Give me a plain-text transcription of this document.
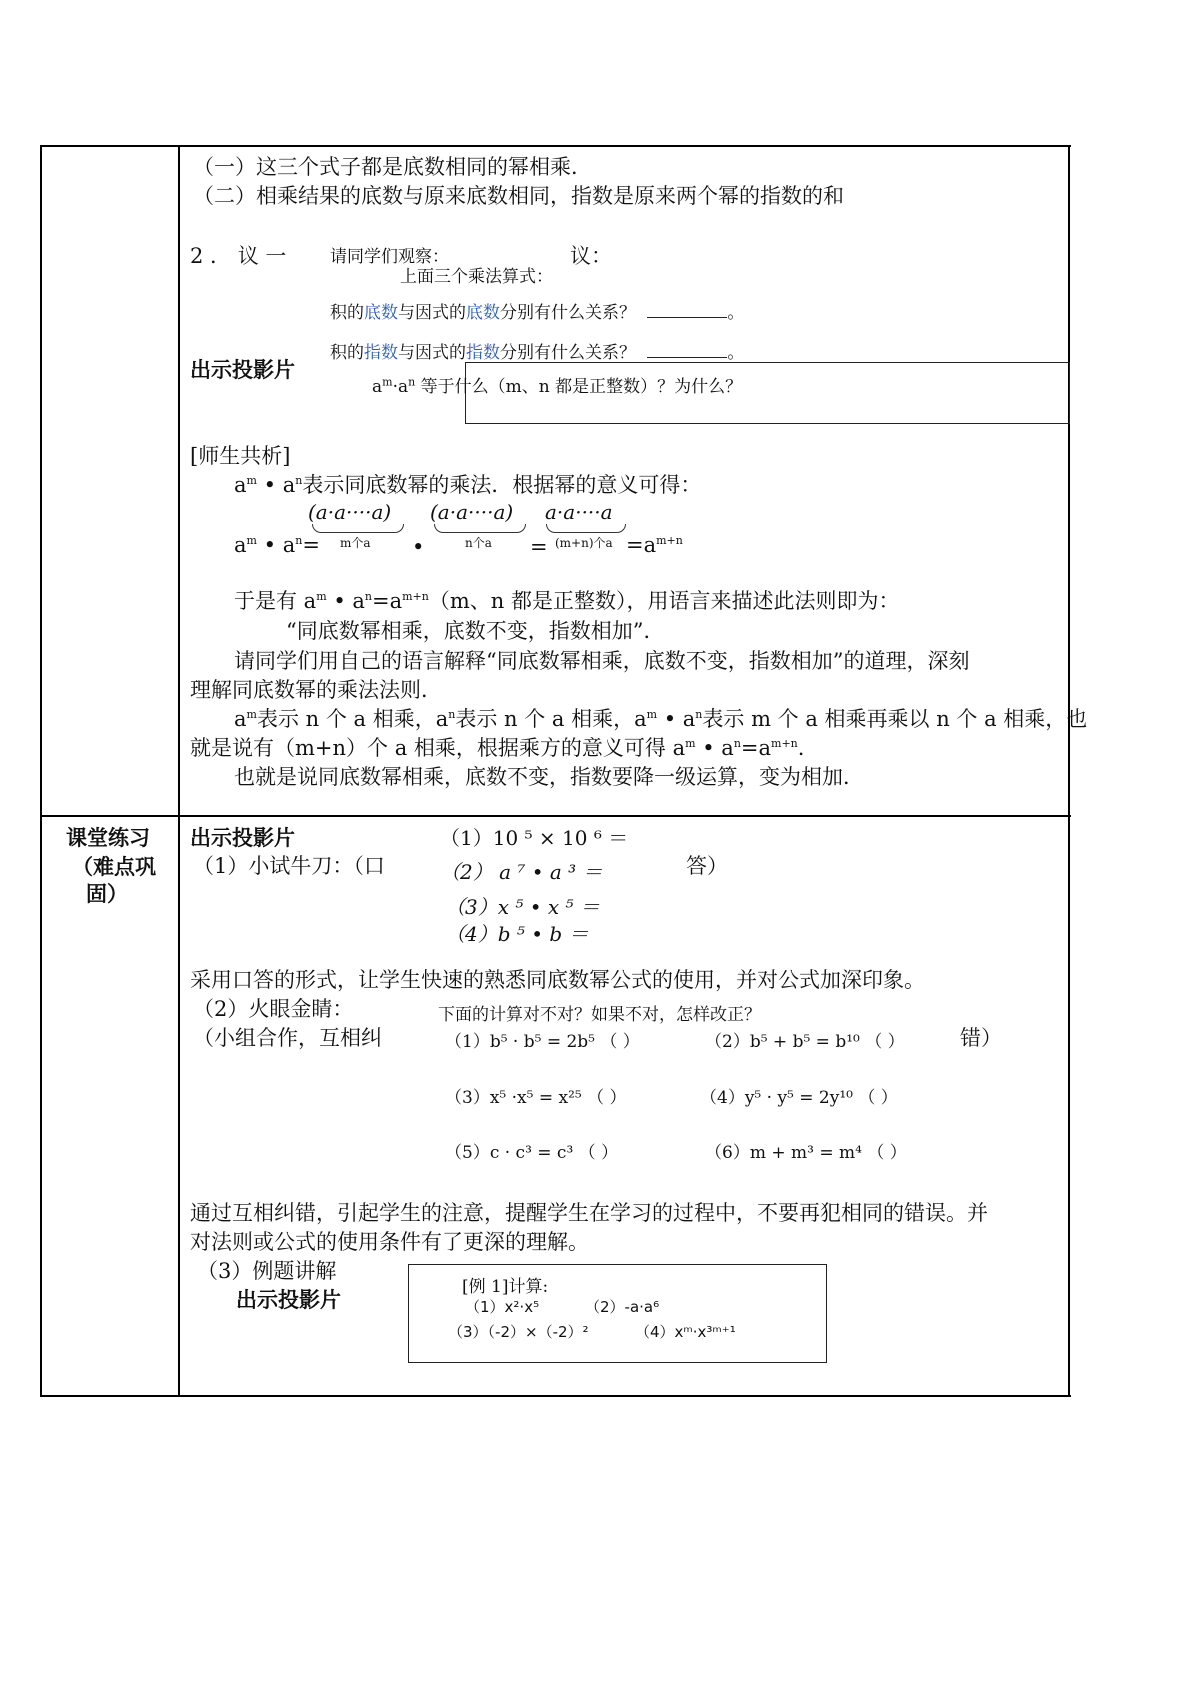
（一）这三个式子都是底数相同的幂相乘．
（二）相乘结果的底数与原来底数相同，指数是原来两个幂的指数的和
2 ． 议 一	请同学们观察：	议：
上面三个乘法算式：
积的底数与因式的底数分别有什么关系？	。
积的指数与因式的指数分别有什么关系？	。
出示投影片
$a^m\cdot a^n$ 等于什么（m、n 都是正整数）？为什么？
[师生共析]
$a^m$ • $a^n$表示同底数幂的乘法．根据幂的意义可得：
(a·a····a)
m个a
(a·a····a)
n个a
a·a····a
(m+n)个a
$a^m$ • $a^n=$	•	=	$=a^{m+n}$
于是有 $a^m$ • $a^n=a^{m+n}(m$、n 都是正整数），用语言来描述此法则即为：
“同底数幂相乘，底数不变，指数相加”．
请同学们用自己的语言解释“同底数幂相乘，底数不变，指数相加”的道理，深刻
理解同底数幂的乘法法则．
$a^m$表示 n 个 a 相乘，$a^n$表示 n 个 a 相乘，$a^m$ • $a^n$表示 m 个 a 相乘再乘以 n 个 a 相乘，也
就是说有（m+n）个 a 相乘，根据乘方的意义可得 $a^m$ • $a^n=a^{m+n}$.
也就是说同底数幂相乘，底数不变，指数要降一级运算，变为相加．
课堂练习
（难点巩
固）
出示投影片
（1）小试牛刀：（口	答）
（1）10 ⁵ × 10 ⁶ ＝
（2） a ⁷ • a ³ ＝
（3）x ⁵ • x ⁵ ＝
（4）b ⁵ • b ＝
采用口答的形式，让学生快速的熟悉同底数幂公式的使用，并对公式加深印象。
（2）火眼金睛：
（小组合作，互相纠	错）
下面的计算对不对？如果不对，怎样改正？
（1）b⁵ · b⁵ = 2b⁵ （ ）	（2）b⁵ + b⁵ = b¹⁰ （ ）
（3）x⁵ ·x⁵ = x²⁵ （ ）	（4）y⁵ · y⁵ = 2y¹⁰ （ ）
（5）c · c³ = c³ （ ）	（6）m + m³ = m⁴ （ ）
通过互相纠错，引起学生的注意，提醒学生在学习的过程中，不要再犯相同的错误。并
对法则或公式的使用条件有了更深的理解。
（3）例题讲解
出示投影片
[例 1]计算:
（1）x²·x⁵	（2）-a·a⁶
（3）（-2）×（-2）²	（4）xᵐ·x³ᵐ⁺¹
